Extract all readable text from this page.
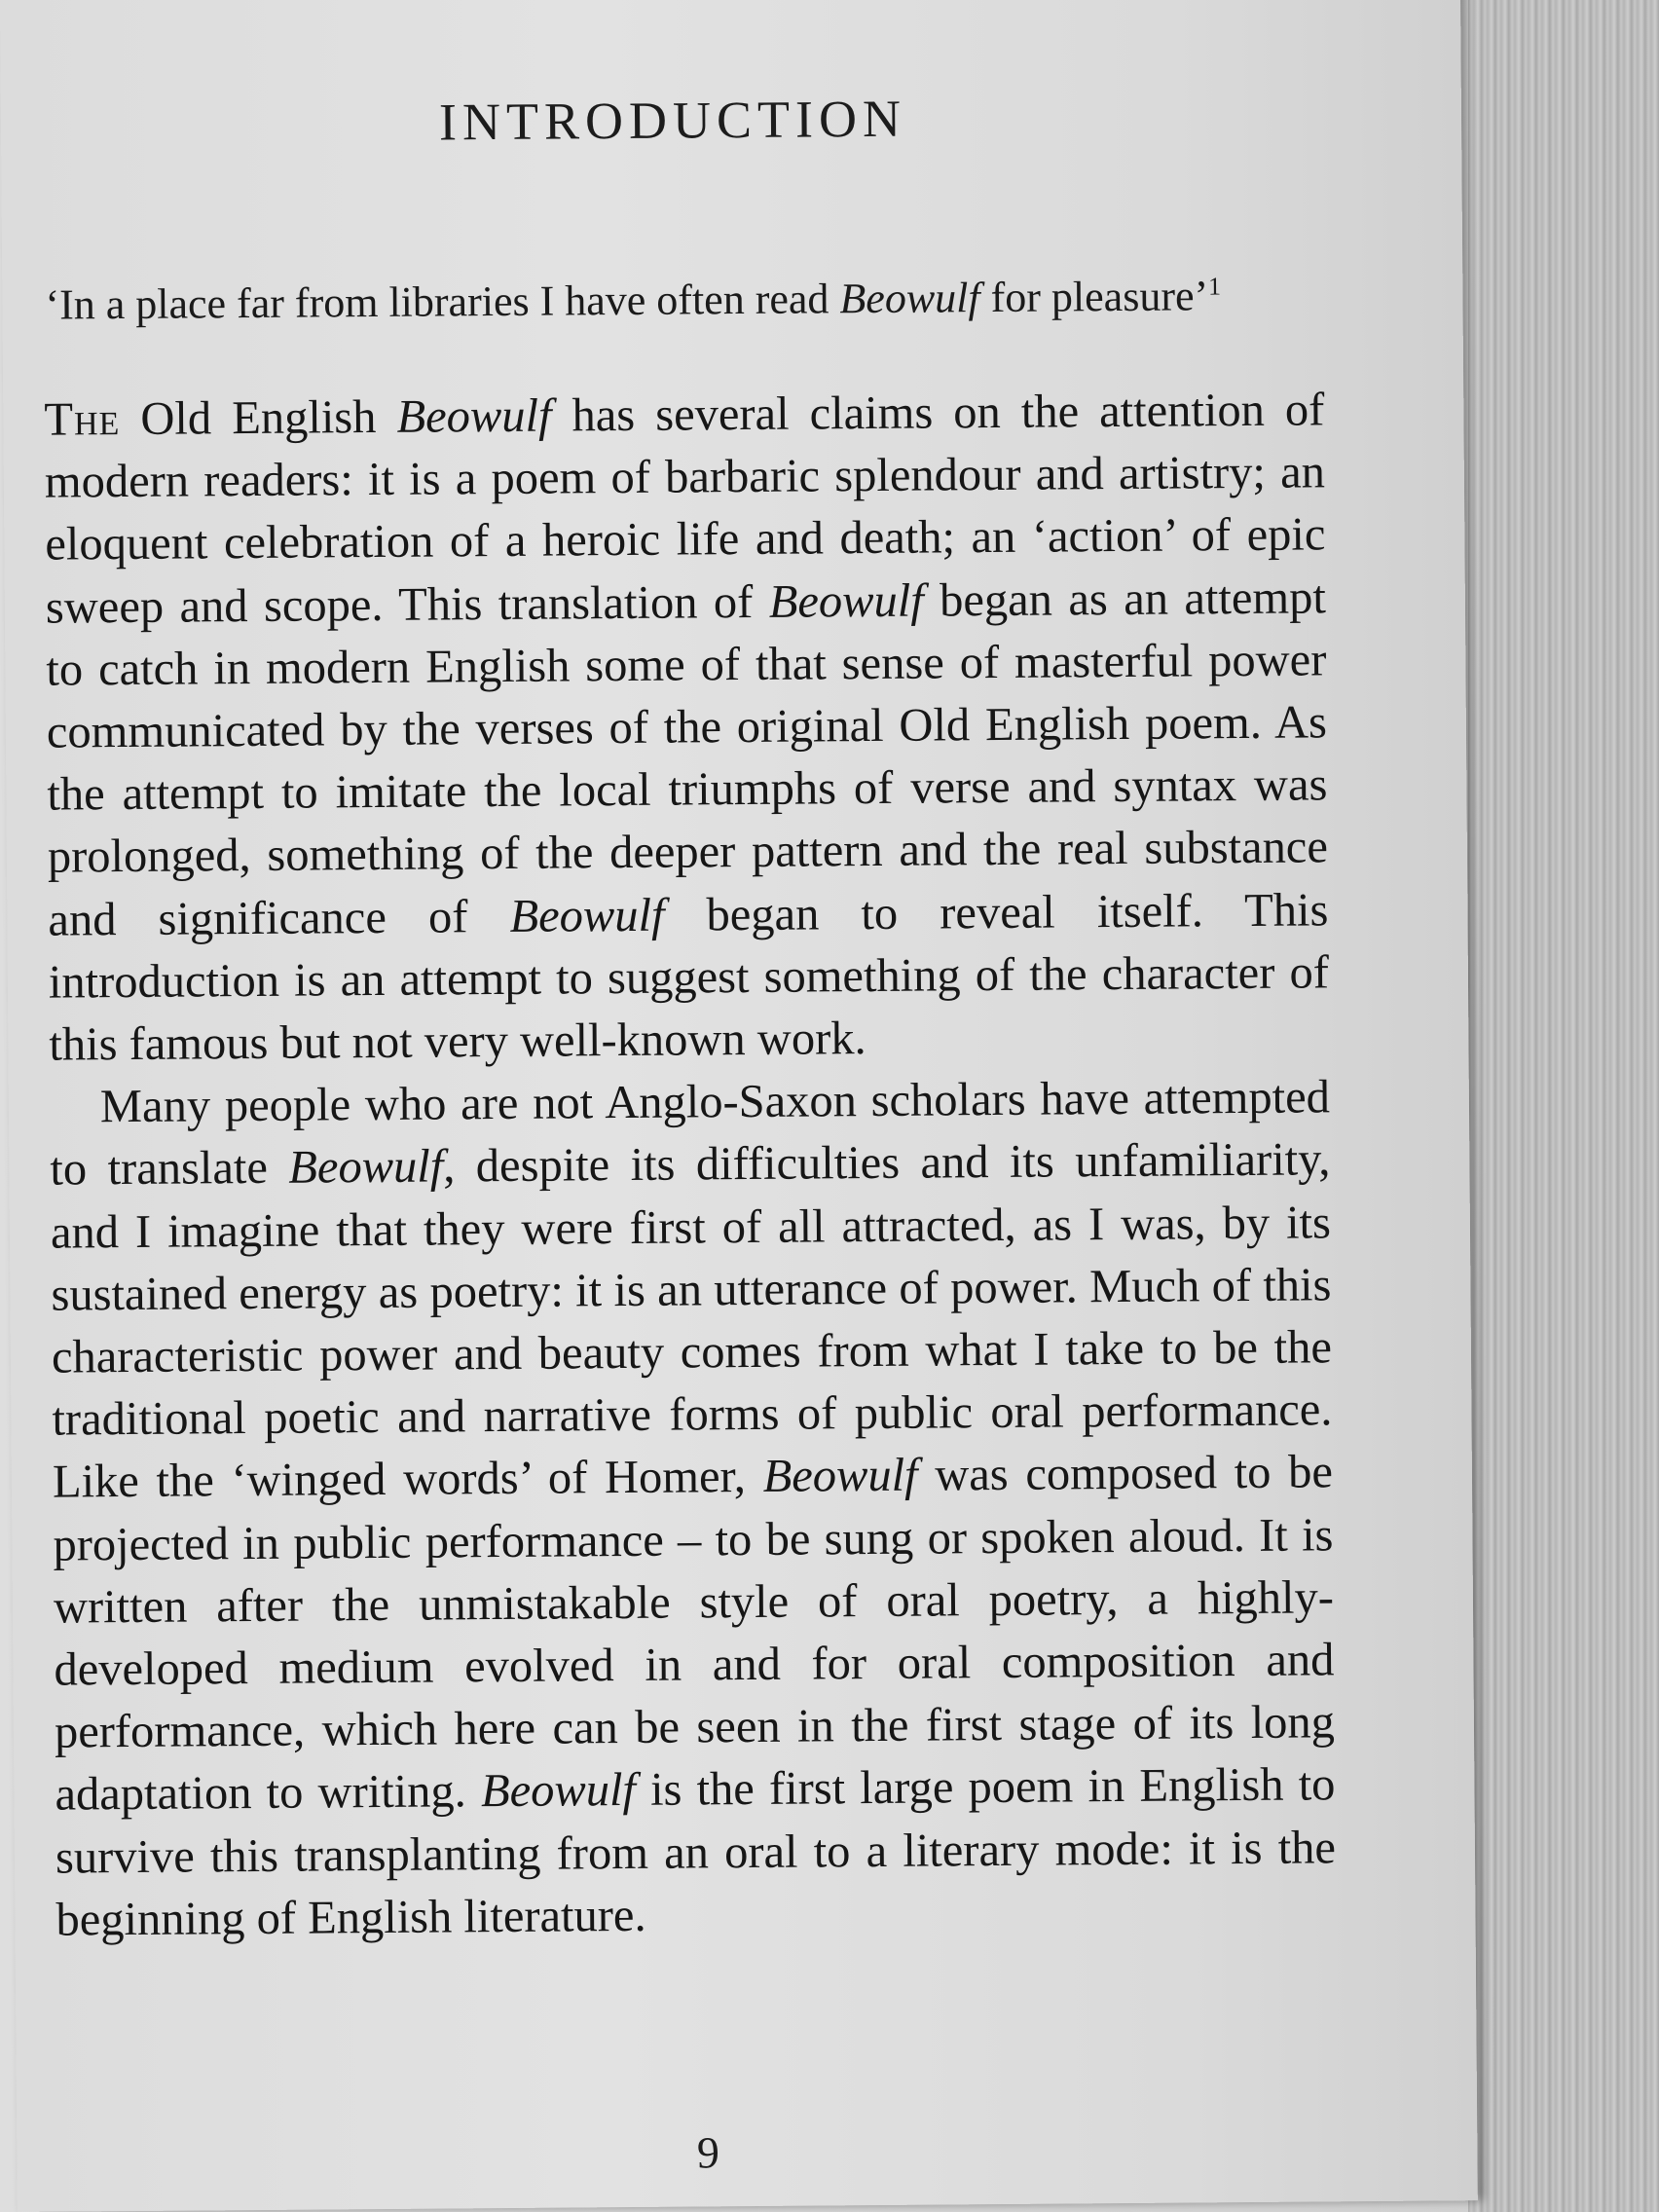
INTRODUCTION

‘In a place far from libraries I have often read Beowulf for pleasure’$^1$

The Old English Beowulf has several claims on the attention of modern readers: it is a poem of barbaric splendour and artistry; an eloquent celebration of a heroic life and death; an ‘action’ of epic sweep and scope. This translation of Beowulf began as an attempt to catch in modern English some of that sense of masterful power communicated by the verses of the original Old English poem. As the attempt to imitate the local triumphs of verse and syntax was prolonged, something of the deeper pattern and the real substance and significance of Beowulf began to reveal itself. This introduction is an attempt to suggest something of the character of this famous but not very well-known work.

Many people who are not Anglo-Saxon scholars have attempted to translate Beowulf, despite its difficulties and its unfamiliarity, and I imagine that they were first of all attracted, as I was, by its sustained energy as poetry: it is an utterance of power. Much of this characteristic power and beauty comes from what I take to be the traditional poetic and narrative forms of public oral performance. Like the ‘winged words’ of Homer, Beowulf was composed to be projected in public performance – to be sung or spoken aloud. It is written after the unmistakable style of oral poetry, a highly-developed medium evolved in and for oral composition and performance, which here can be seen in the first stage of its long adaptation to writing. Beowulf is the first large poem in English to survive this transplanting from an oral to a literary mode: it is the beginning of English literature.

9
